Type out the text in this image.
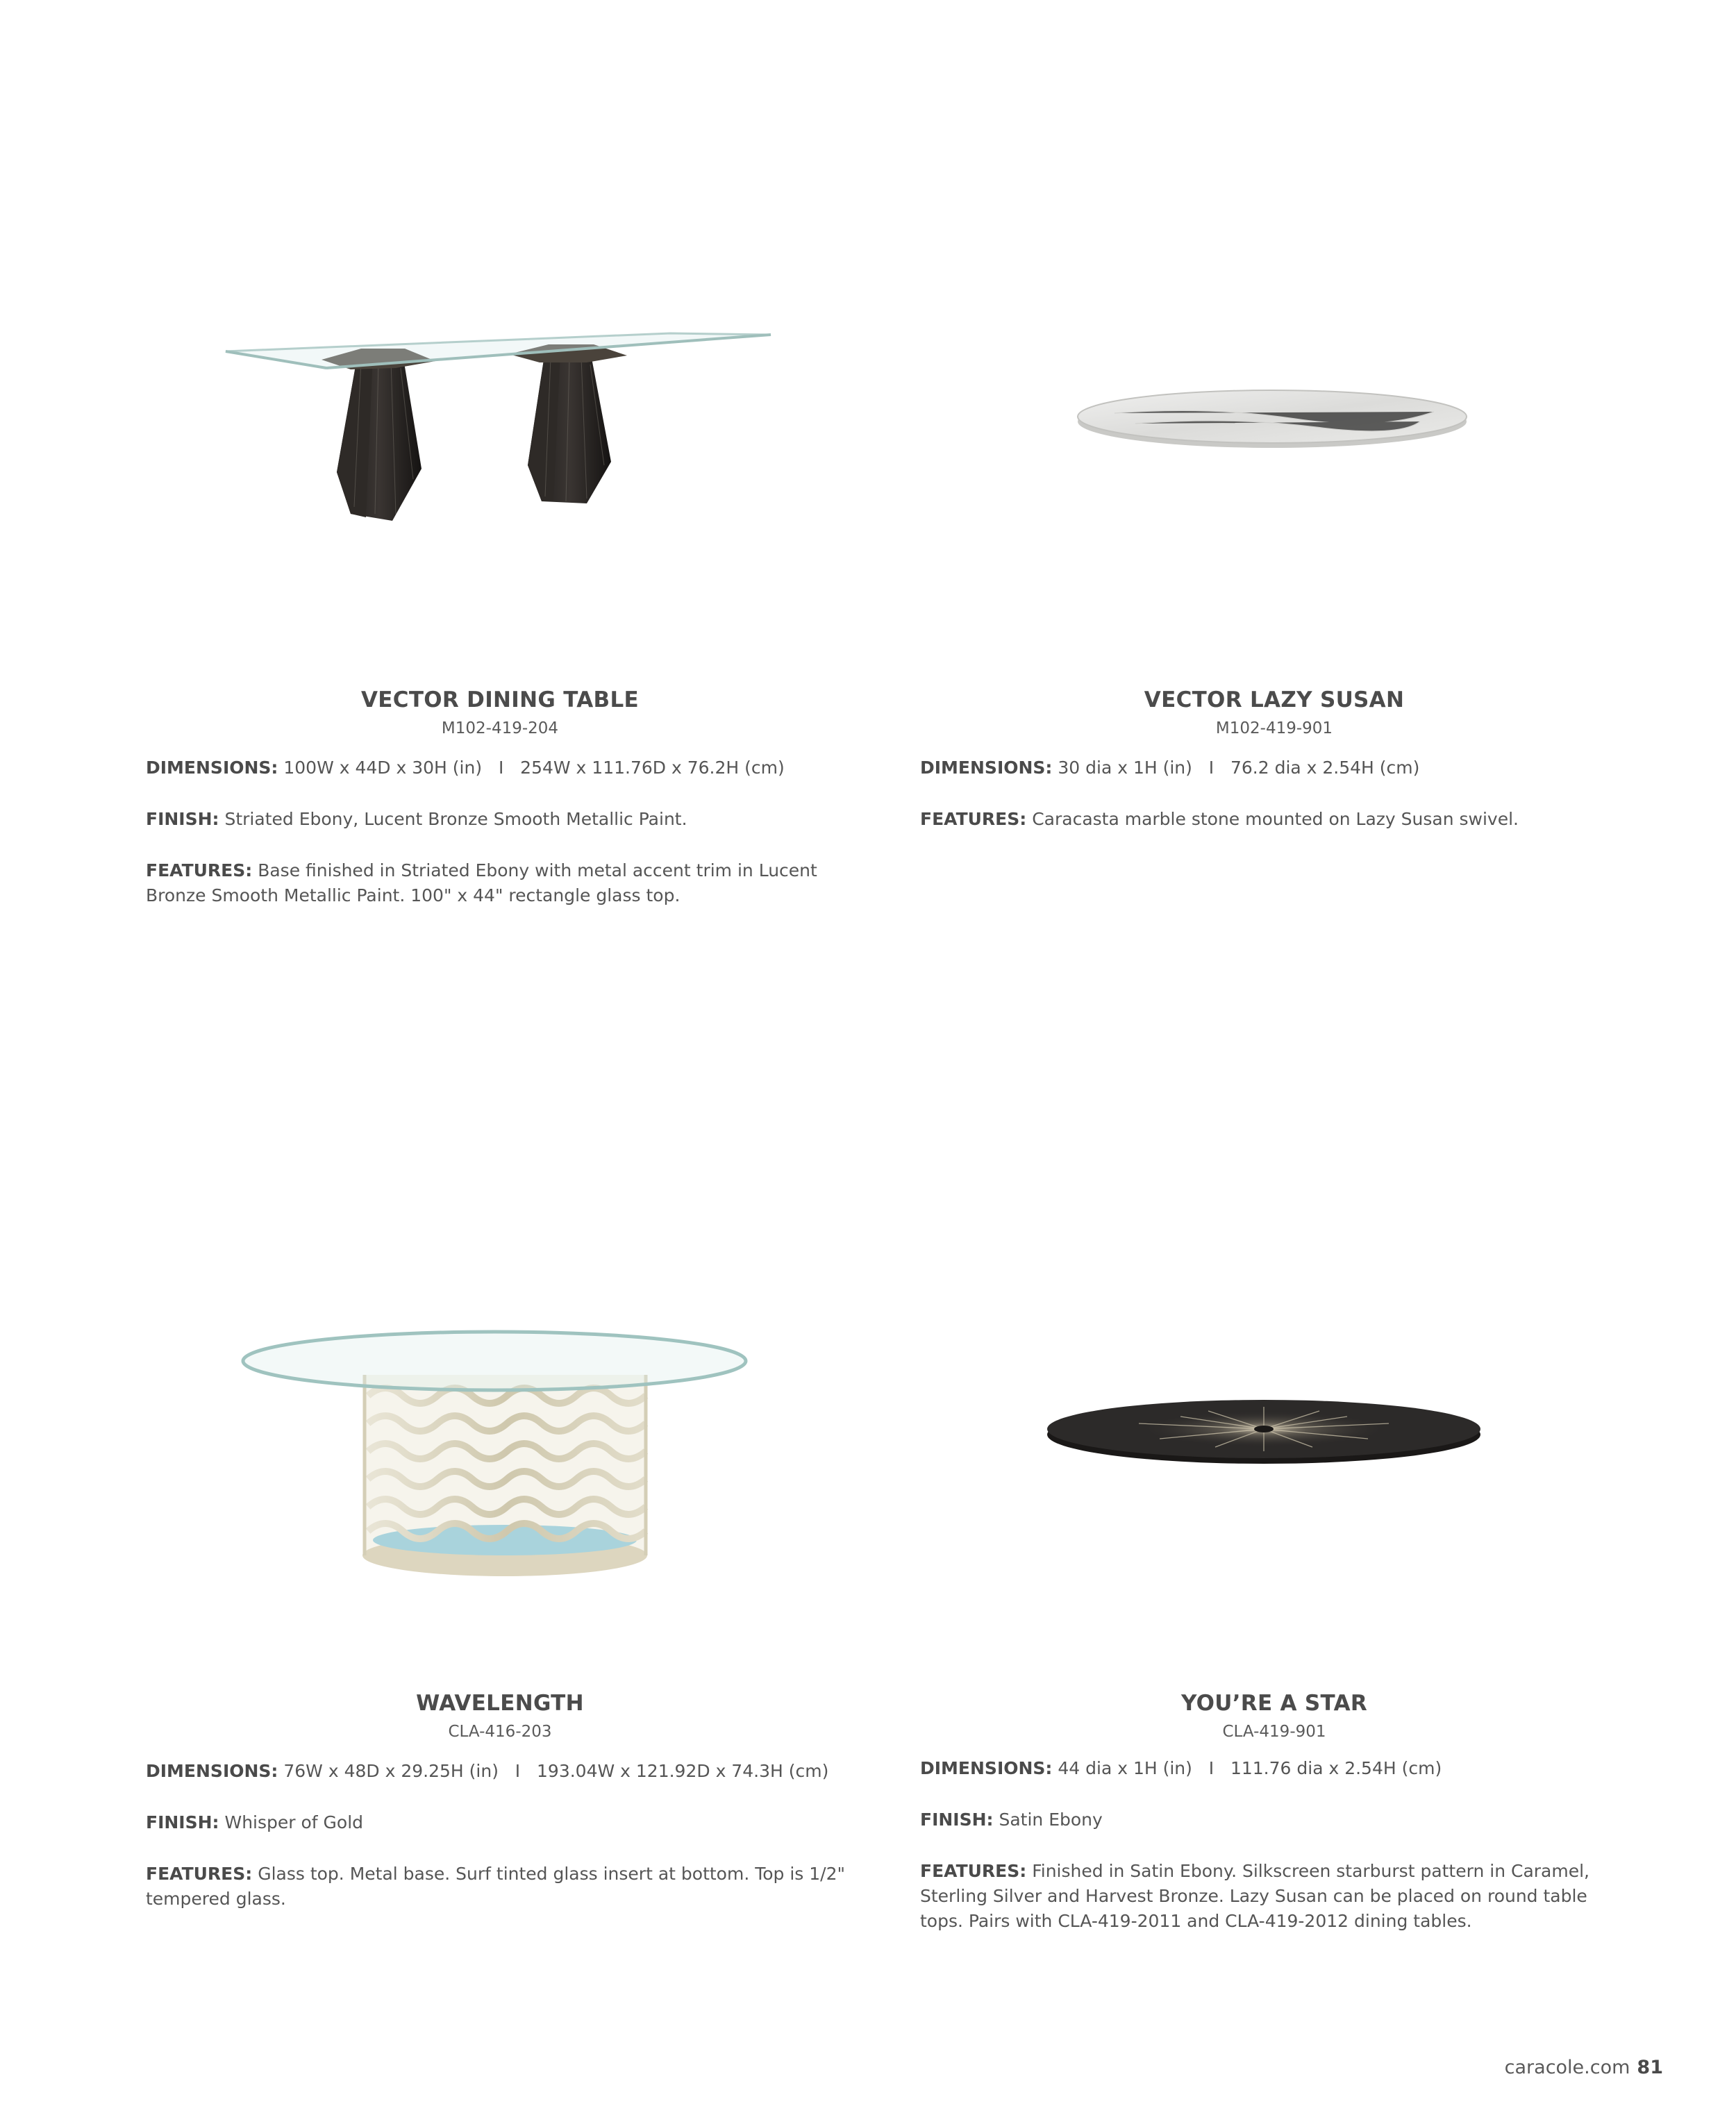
VECTOR DINING TABLE
M102-419-204
DIMENSIONS: 100W x 44D x 30H (in)   I   254W x 111.76D x 76.2H (cm)
FINISH: Striated Ebony, Lucent Bronze Smooth Metallic Paint.
FEATURES: Base finished in Striated Ebony with metal accent trim in Lucent Bronze Smooth Metallic Paint. 100" x 44" rectangle glass top.
VECTOR LAZY SUSAN
M102-419-901
DIMENSIONS: 30 dia x 1H (in)   I   76.2 dia x 2.54H (cm)
FEATURES: Caracasta marble stone mounted on Lazy Susan swivel.
WAVELENGTH
CLA-416-203
DIMENSIONS: 76W x 48D x 29.25H (in)   I   193.04W x 121.92D x 74.3H (cm)
FINISH: Whisper of Gold
FEATURES: Glass top. Metal base. Surf tinted glass insert at bottom. Top is 1/2" tempered glass.
YOU’RE A STAR
CLA-419-901
DIMENSIONS: 44 dia x 1H (in)   I   111.76 dia x 2.54H (cm)
FINISH: Satin Ebony
FEATURES: Finished in Satin Ebony. Silkscreen starburst pattern in Caramel, Sterling Silver and Harvest Bronze. Lazy Susan can be placed on round table tops. Pairs with CLA-419-2011 and CLA-419-2012 dining tables.
caracole.com 81
